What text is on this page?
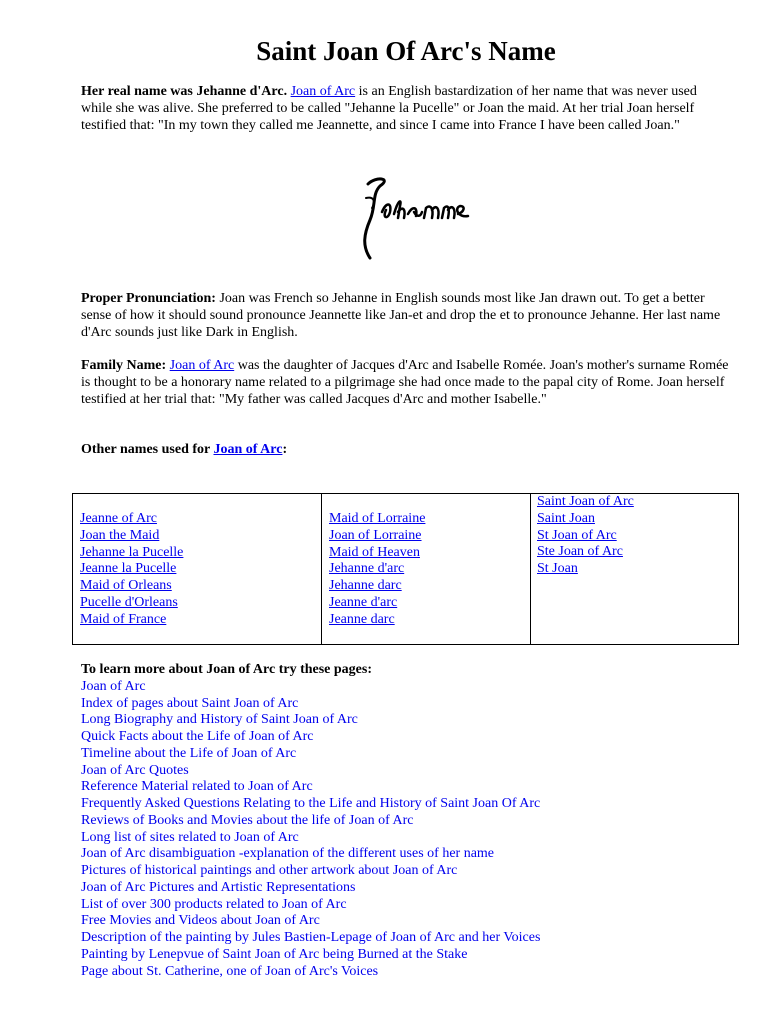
Saint Joan Of Arc's Name

Her real name was Jehanne d'Arc. Joan of Arc is an English bastardization of her name that was never used while she was alive. She preferred to be called "Jehanne la Pucelle" or Joan the maid. At her trial Joan herself testified that: "In my town they called me Jeannette, and since I came into France I have been called Joan."

Proper Pronunciation: Joan was French so Jehanne in English sounds most like Jan drawn out. To get a better sense of how it should sound pronounce Jeannette like Jan-et and drop the et to pronounce Jehanne. Her last name d'Arc sounds just like Dark in English.

Family Name: Joan of Arc was the daughter of Jacques d'Arc and Isabelle Romée. Joan's mother's surname Romée is thought to be a honorary name related to a pilgrimage she had once made to the papal city of Rome. Joan herself testified at her trial that: "My father was called Jacques d'Arc and mother Isabelle."

Other names used for Joan of Arc:

Jeanne of Arc
Joan the Maid
Jehanne la Pucelle
Jeanne la Pucelle
Maid of Orleans
Pucelle d'Orleans
Maid of France
Maid of Lorraine
Joan of Lorraine
Maid of Heaven
Jehanne d'arc
Jehanne darc
Jeanne d'arc
Jeanne darc
Saint Joan of Arc
Saint Joan
St Joan of Arc
Ste Joan of Arc
St Joan
To learn more about Joan of Arc try these pages:
Joan of Arc
Index of pages about Saint Joan of Arc
Long Biography and History of Saint Joan of Arc
Quick Facts about the Life of Joan of Arc
Timeline about the Life of Joan of Arc
Joan of Arc Quotes
Reference Material related to Joan of Arc
Frequently Asked Questions Relating to the Life and History of Saint Joan Of Arc
Reviews of Books and Movies about the life of Joan of Arc
Long list of sites related to Joan of Arc
Joan of Arc disambiguation -explanation of the different uses of her name
Pictures of historical paintings and other artwork about Joan of Arc
Joan of Arc Pictures and Artistic Representations
List of over 300 products related to Joan of Arc
Free Movies and Videos about Joan of Arc
Description of the painting by Jules Bastien-Lepage of Joan of Arc and her Voices
Painting by Lenepvue of Saint Joan of Arc being Burned at the Stake
Page about St. Catherine, one of Joan of Arc's Voices
